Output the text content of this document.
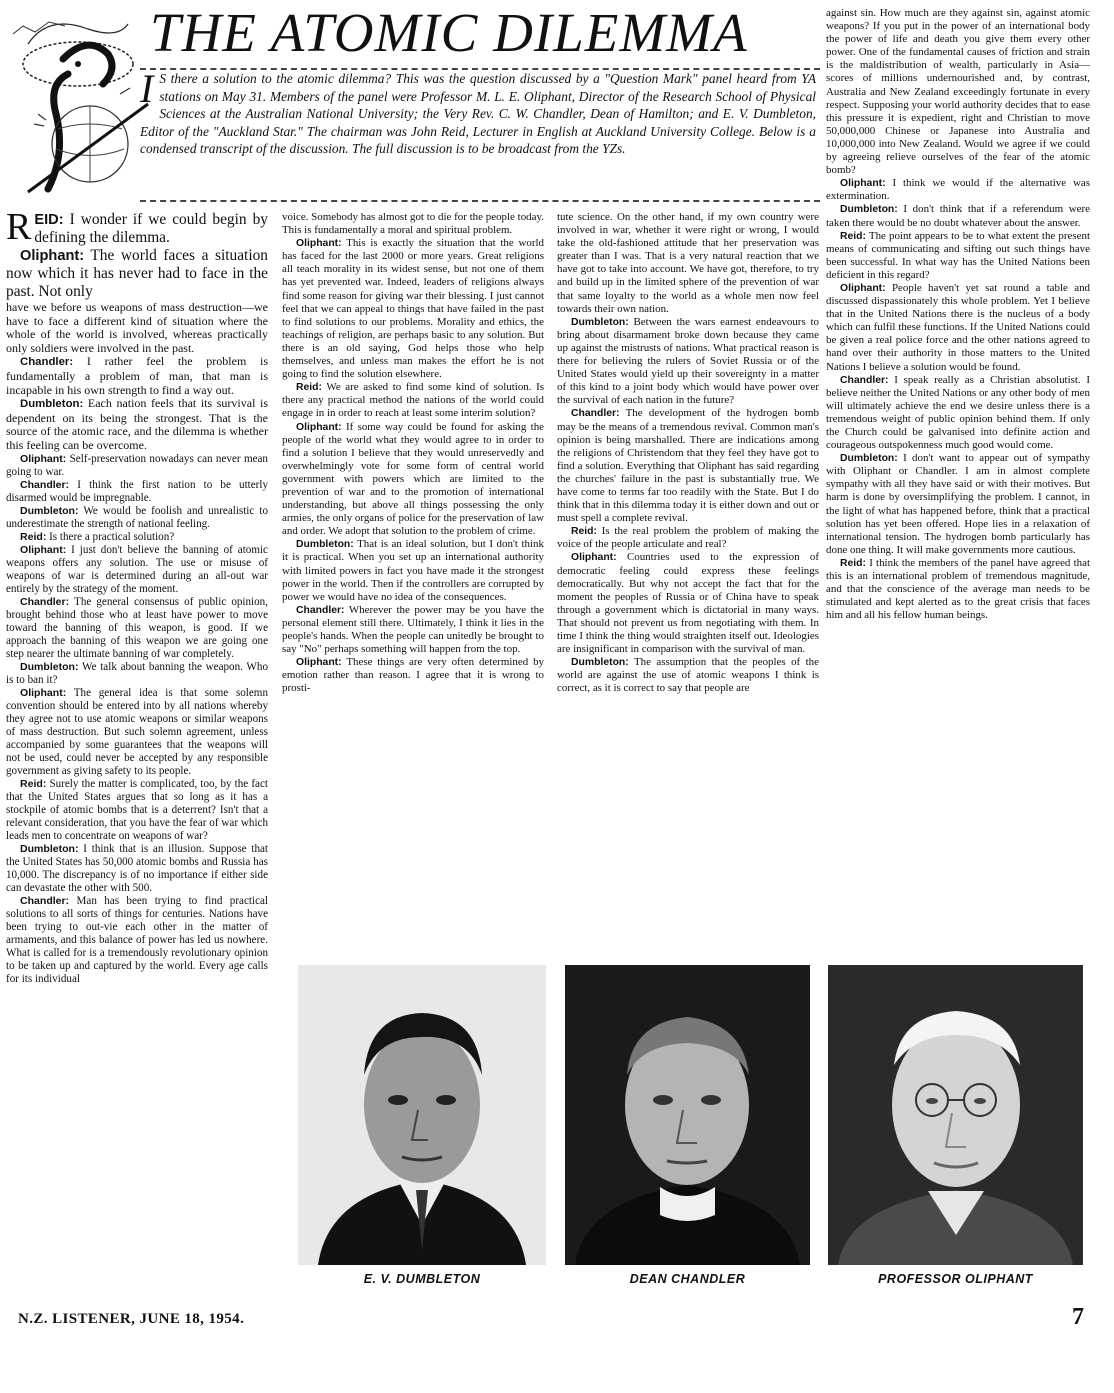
THE ATOMIC DILEMMA
I S there a solution to the atomic dilemma? This was the question discussed by a "Question Mark" panel heard from YA stations on May 31. Members of the panel were Professor M. L. E. Oliphant, Director of the Research School of Physical Sciences at the Australian National University; the Very Rev. C. W. Chandler, Dean of Hamilton; and E. V. Dumbleton, Editor of the "Auckland Star." The chairman was John Reid, Lecturer in English at Auckland University College. Below is a condensed transcript of the discussion. The full discussion is to be broadcast from the YZs.

R EID: I wonder if we could begin by defining the dilemma.

Oliphant: The world faces a situation now which it has never had to face in the past. Not only

have we before us weapons of mass destruction—we have to face a different kind of situation where the whole of the world is involved, whereas practically only soldiers were involved in the past.

Chandler: I rather feel the problem is fundamentally a problem of man, that man is incapable in his own strength to find a way out.

Dumbleton: Each nation feels that its survival is dependent on its being the strongest. That is the source of the atomic race, and the dilemma is whether this feeling can be overcome.

Oliphant: Self-preservation nowadays can never mean going to war.

Chandler: I think the first nation to be utterly disarmed would be impregnable.

Dumbleton: We would be foolish and unrealistic to underestimate the strength of national feeling.

Reid: Is there a practical solution?

Oliphant: I just don't believe the banning of atomic weapons offers any solution. The use or misuse of weapons of war is determined during an all-out war entirely by the strategy of the moment.

Chandler: The general consensus of public opinion, brought behind those who at least have power to move toward the banning of this weapon, is good. If we approach the banning of this weapon we are going one step nearer the ultimate banning of war completely.

Dumbleton: We talk about banning the weapon. Who is to ban it?

Oliphant: The general idea is that some solemn convention should be entered into by all nations whereby they agree not to use atomic weapons or similar weapons of mass destruction. But such solemn agreement, unless accompanied by some guarantees that the weapons will not be used, could never be accepted by any responsible government as giving safety to its people.

Reid: Surely the matter is complicated, too, by the fact that the United States argues that so long as it has a stockpile of atomic bombs that is a deterrent? Isn't that a relevant consideration, that you have the fear of war which leads men to concentrate on weapons of war?

Dumbleton: I think that is an illusion. Suppose that the United States has 50,000 atomic bombs and Russia has 10,000. The discrepancy is of no importance if either side can devastate the other with 500.

Chandler: Man has been trying to find practical solutions to all sorts of things for centuries. Nations have been trying to out-vie each other in the matter of armaments, and this balance of power has led us nowhere. What is called for is a tremendously revolutionary opinion to be taken up and captured by the world. Every age calls for its individual

voice. Somebody has almost got to die for the people today. This is fundamentally a moral and spiritual problem.

Oliphant: This is exactly the situation that the world has faced for the last 2000 or more years. Great religions all teach morality in its widest sense, but not one of them has yet prevented war. Indeed, leaders of religions always find some reason for giving war their blessing. I just cannot feel that we can appeal to things that have failed in the past to find solutions to our problems. Morality and ethics, the teachings of religion, are perhaps basic to any solution. But there is an old saying, God helps those who help themselves, and unless man makes the effort he is not going to find the solution elsewhere.

Reid: We are asked to find some kind of solution. Is there any practical method the nations of the world could engage in in order to reach at least some interim solution?

Oliphant: If some way could be found for asking the people of the world what they would agree to in order to find a solution I believe that they would unreservedly and overwhelmingly vote for some form of central world government with powers which are limited to the prevention of war and to the promotion of international understanding, but above all things possessing the only armies, the only organs of police for the preservation of law and order. We adopt that solution to the problem of crime.

Dumbleton: That is an ideal solution, but I don't think it is practical. When you set up an international authority with limited powers in fact you have made it the strongest power in the world. Then if the controllers are corrupted by power we would have no idea of the consequences.

Chandler: Wherever the power may be you have the personal element still there. Ultimately, I think it lies in the people's hands. When the people can unitedly be brought to say "No" perhaps something will happen from the top.

Oliphant: These things are very often determined by emotion rather than reason. I agree that it is wrong to prosti-

tute science. On the other hand, if my own country were involved in war, whether it were right or wrong, I would take the old-fashioned attitude that her preservation was greater than I was. That is a very natural reaction that we have got to take into account. We have got, therefore, to try and build up in the limited sphere of the prevention of war that same loyalty to the world as a whole men now feel towards their own nation.

Dumbleton: Between the wars earnest endeavours to bring about disarmament broke down because they came up against the mistrusts of nations. What practical reason is there for believing the rulers of Soviet Russia or of the United States would yield up their sovereignty in a matter of this kind to a joint body which would have power over the survival of each nation in the future?

Chandler: The development of the hydrogen bomb may be the means of a tremendous revival. Common man's opinion is being marshalled. There are indications among the religions of Christendom that they feel they have got to find a solution. Everything that Oliphant has said regarding the churches' failure in the past is substantially true. We have come to terms far too readily with the State. But I do think that in this dilemma today it is either down and out or must spell a complete revival.

Reid: Is the real problem the problem of making the voice of the people articulate and real?

Oliphant: Countries used to the expression of democratic feeling could express these feelings democratically. But why not accept the fact that for the moment the peoples of Russia or of China have to speak through a government which is dictatorial in many ways. That should not prevent us from negotiating with them. In time I think the thing would straighten itself out. Ideologies are insignificant in comparison with the survival of man.

Dumbleton: The assumption that the peoples of the world are against the use of atomic weapons I think is correct, as it is correct to say that people are

against sin. How much are they against sin, against atomic weapons? If you put in the power of an international body the power of life and death you give them every other power. One of the fundamental causes of friction and strain is the maldistribution of wealth, particularly in Asia—scores of millions undernourished and, by contrast, Australia and New Zealand exceedingly fortunate in every respect. Supposing your world authority decides that to ease this pressure it is expedient, right and Christian to move 50,000,000 Chinese or Japanese into Australia and 10,000,000 into New Zealand. Would we agree if we could by agreeing relieve ourselves of the fear of the atomic bomb?

Oliphant: I think we would if the alternative was extermination.

Dumbleton: I don't think that if a referendum were taken there would be no doubt whatever about the answer.

Reid: The point appears to be to what extent the present means of communicating and sifting out such things have been successful. In what way has the United Nations been deficient in this regard?

Oliphant: People haven't yet sat round a table and discussed dispassionately this whole problem. Yet I believe that in the United Nations there is the nucleus of a body which can fulfil these functions. If the United Nations could be given a real police force and the other nations agreed to hand over their authority in those matters to the United Nations I believe a solution would be found.

Chandler: I speak really as a Christian absolutist. I believe neither the United Nations or any other body of men will ultimately achieve the end we desire unless there is a tremendous weight of public opinion behind them. If only the Church could be galvanised into definite action and courageous outspokenness much good would come.

Dumbleton: I don't want to appear out of sympathy with Oliphant or Chandler. I am in almost complete sympathy with all they have said or with their motives. But harm is done by oversimplifying the problem. I cannot, in the light of what has happened before, think that a practical solution has yet been offered. Hope lies in a relaxation of international tension. The hydrogen bomb particularly has done one thing. It will make governments more cautious.

Reid: I think the members of the panel have agreed that this is an international problem of tremendous magnitude, and that the conscience of the average man needs to be stimulated and kept alerted as to the great crisis that faces him and all his fellow human beings.

E. V. DUMBLETON	DEAN CHANDLER	PROFESSOR OLIPHANT
N.Z. LISTENER, JUNE 18, 1954.	7
